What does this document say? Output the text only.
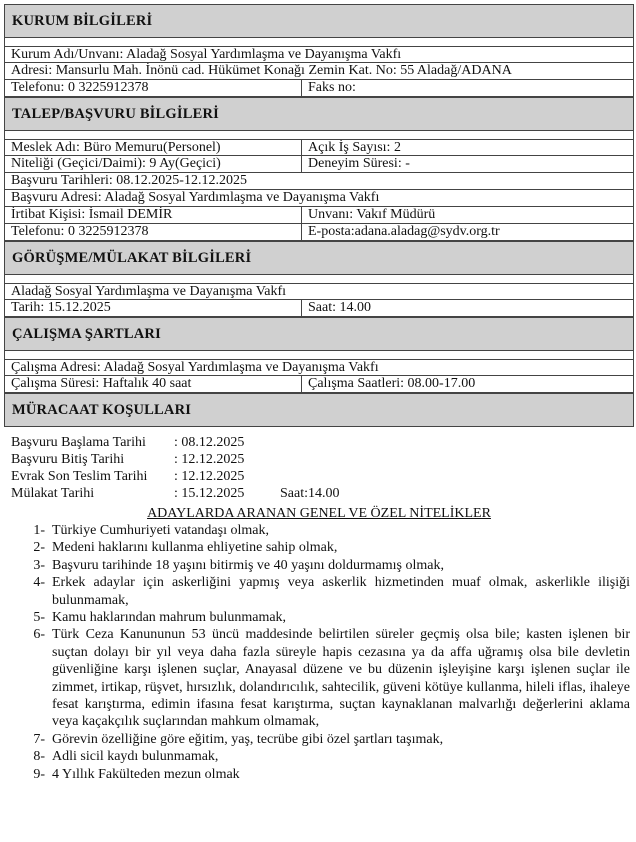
KURUM BİLGİLERİ
Kurum Adı/Unvanı: Aladağ Sosyal Yardımlaşma ve Dayanışma Vakfı
Adresi: Mansurlu Mah. İnönü cad. Hükümet Konağı Zemin Kat. No: 55 Aladağ/ADANA
Telefonu: 0 3225912378	Faks no:
TALEP/BAŞVURU BİLGİLERİ
Meslek Adı: Büro Memuru(Personel)	Açık İş Sayısı: 2
Niteliği (Geçici/Daimi): 9 Ay(Geçici)	Deneyim Süresi: -
Başvuru Tarihleri: 08.12.2025-12.12.2025
Başvuru Adresi: Aladağ Sosyal Yardımlaşma ve Dayanışma Vakfı
İrtibat Kişisi: İsmail DEMİR	Unvanı: Vakıf Müdürü
Telefonu: 0 3225912378	E-posta:adana.aladag@sydv.org.tr
GÖRÜŞME/MÜLAKAT BİLGİLERİ
Aladağ Sosyal Yardımlaşma ve Dayanışma Vakfı
Tarih: 15.12.2025	Saat: 14.00
ÇALIŞMA ŞARTLARI
Çalışma Adresi: Aladağ Sosyal Yardımlaşma ve Dayanışma Vakfı
Çalışma Süresi: Haftalık 40 saat	Çalışma Saatleri: 08.00-17.00
MÜRACAAT KOŞULLARI
Başvuru Başlama Tarihi	: 08.12.2025
Başvuru Bitiş Tarihi	: 12.12.2025
Evrak Son Teslim Tarihi	: 12.12.2025
Mülakat Tarihi	: 15.12.2025	Saat:14.00
ADAYLARDA ARANAN GENEL VE ÖZEL NİTELİKLER
1- Türkiye Cumhuriyeti vatandaşı olmak,
2- Medeni haklarını kullanma ehliyetine sahip olmak,
3- Başvuru tarihinde 18 yaşını bitirmiş ve 40 yaşını doldurmamış olmak,
4- Erkek adaylar için askerliğini yapmış veya askerlik hizmetinden muaf olmak, askerlikle ilişiği bulunmamak,
5- Kamu haklarından mahrum bulunmamak,
6- Türk Ceza Kanununun 53 üncü maddesinde belirtilen süreler geçmiş olsa bile; kasten işlenen bir suçtan dolayı bir yıl veya daha fazla süreyle hapis cezasına ya da affa uğramış olsa bile devletin güvenliğine karşı işlenen suçlar, Anayasal düzene ve bu düzenin işleyişine karşı işlenen suçlar ile zimmet, irtikap, rüşvet, hırsızlık, dolandırıcılık, sahtecilik, güveni kötüye kullanma, hileli iflas, ihaleye fesat karıştırma, edimin ifasına fesat karıştırma, suçtan kaynaklanan malvarlığı değerlerini aklama veya kaçakçılık suçlarından mahkum olmamak,
7- Görevin özelliğine göre eğitim, yaş, tecrübe gibi özel şartları taşımak,
8- Adli sicil kaydı bulunmamak,
9- 4 Yıllık Fakülteden mezun olmak
